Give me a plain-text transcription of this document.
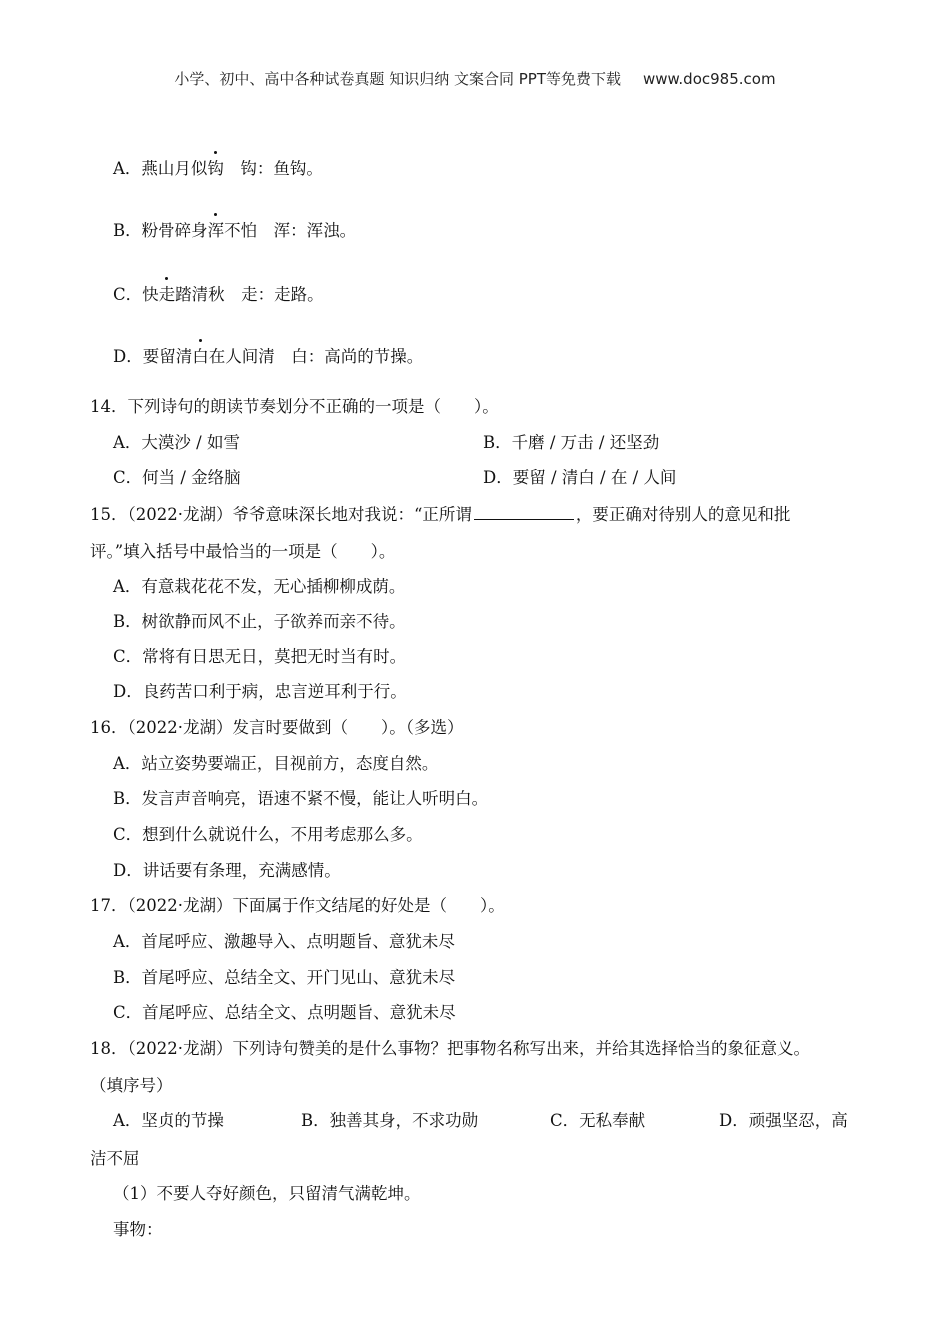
小学、初中、高中各种试卷真题 知识归纳 文案合同 PPT等免费下载 www.doc985.com
A．燕山月似钩　钩：鱼钩。
B．粉骨碎身浑不怕　浑：浑浊。
C．快走踏清秋　走：走路。
D．要留清白在人间清　白：高尚的节操。
14．下列诗句的朗读节奏划分不正确的一项是（　　）。
A．大漠沙 / 如雪	B．千磨 / 万击 / 还坚劲
C．何当 / 金络脑	D．要留 / 清白 / 在 / 人间
15．（2022·龙湖）爷爷意味深长地对我说：“正所谓	，要正确对待别人的意见和批
评。”填入括号中最恰当的一项是（　　）。
A．有意栽花花不发，无心插柳柳成荫。
B．树欲静而风不止，子欲养而亲不待。
C．常将有日思无日，莫把无时当有时。
D．良药苦口利于病，忠言逆耳利于行。
16．（2022·龙湖）发言时要做到（　　）。（多选）
A．站立姿势要端正，目视前方，态度自然。
B．发言声音响亮，语速不紧不慢，能让人听明白。
C．想到什么就说什么，不用考虑那么多。
D．讲话要有条理，充满感情。
17．（2022·龙湖）下面属于作文结尾的好处是（　　）。
A．首尾呼应、激趣导入、点明题旨、意犹未尽
B．首尾呼应、总结全文、开门见山、意犹未尽
C．首尾呼应、总结全文、点明题旨、意犹未尽
18．（2022·龙湖）下列诗句赞美的是什么事物？把事物名称写出来，并给其选择恰当的象征意义。
（填序号）
A．坚贞的节操	B．独善其身，不求功勋	C．无私奉献	D．顽强坚忍，高
洁不屈
（1）不要人夺好颜色，只留清气满乾坤。
事物：
